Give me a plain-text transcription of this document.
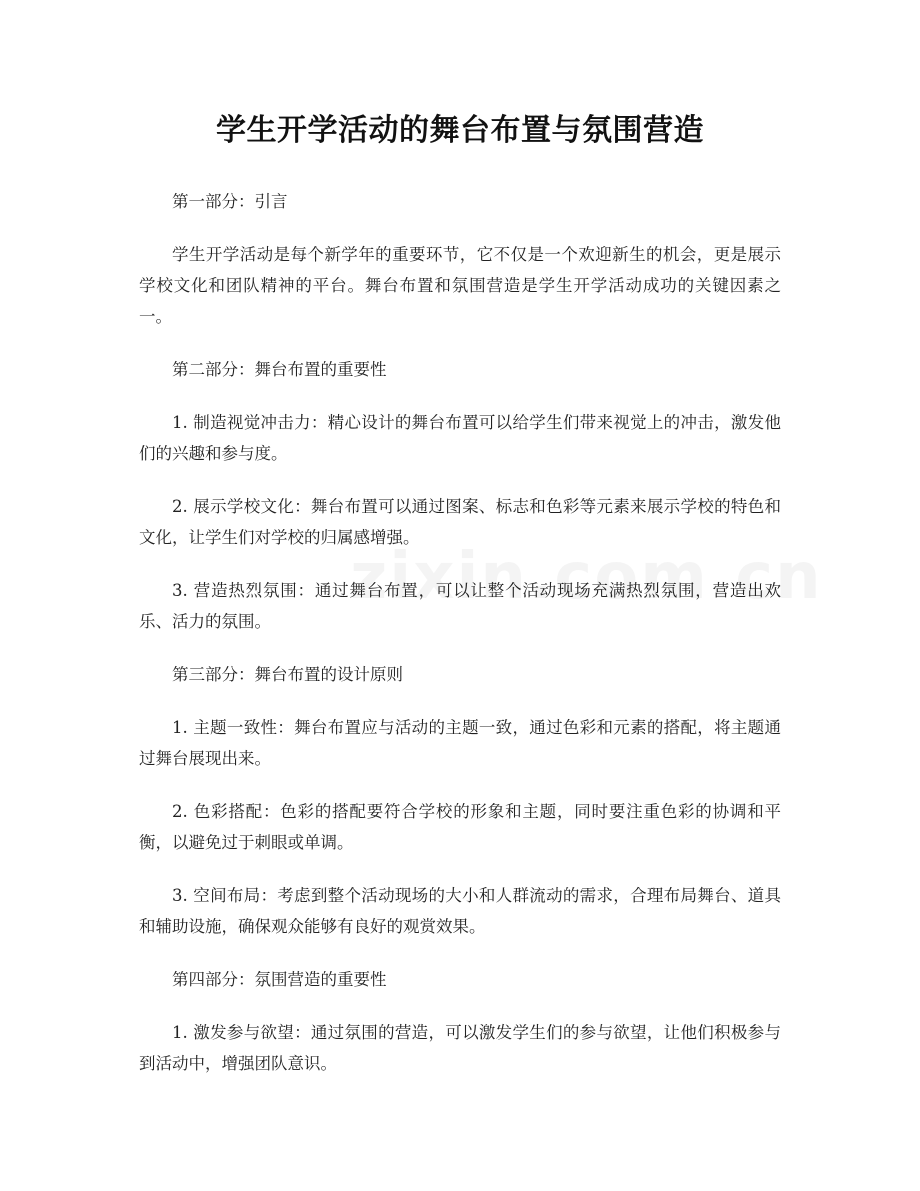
学生开学活动的舞台布置与氛围营造
第一部分：引言
学生开学活动是每个新学年的重要环节，它不仅是一个欢迎新生的机会，更是展示学校文化和团队精神的平台。舞台布置和氛围营造是学生开学活动成功的关键因素之一。
第二部分：舞台布置的重要性
1. 制造视觉冲击力：精心设计的舞台布置可以给学生们带来视觉上的冲击，激发他们的兴趣和参与度。
2. 展示学校文化：舞台布置可以通过图案、标志和色彩等元素来展示学校的特色和文化，让学生们对学校的归属感增强。
3. 营造热烈氛围：通过舞台布置，可以让整个活动现场充满热烈氛围，营造出欢乐、活力的氛围。
第三部分：舞台布置的设计原则
1. 主题一致性：舞台布置应与活动的主题一致，通过色彩和元素的搭配，将主题通过舞台展现出来。
2. 色彩搭配：色彩的搭配要符合学校的形象和主题，同时要注重色彩的协调和平衡，以避免过于刺眼或单调。
3. 空间布局：考虑到整个活动现场的大小和人群流动的需求，合理布局舞台、道具和辅助设施，确保观众能够有良好的观赏效果。
第四部分：氛围营造的重要性
1. 激发参与欲望：通过氛围的营造，可以激发学生们的参与欲望，让他们积极参与到活动中，增强团队意识。
